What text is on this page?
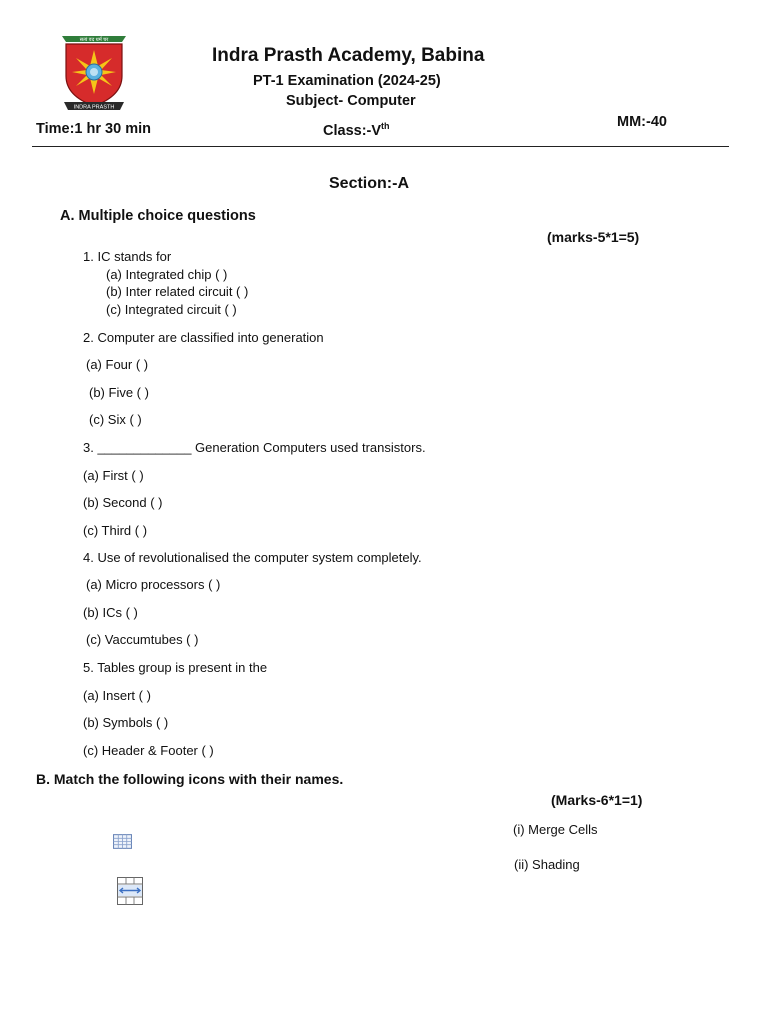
सत्यं वद धर्मं चर
INDRA PRASTH
Indra Prasth Academy, Babina
PT-1 Examination (2024-25)
Subject- Computer
Time:1 hr 30 min	Class:-Vth	MM:-40
Section:-A
A. Multiple choice questions
(marks-5*1=5)
1. IC stands for
(a) Integrated chip ( )
(b) Inter related circuit ( )
(c) Integrated circuit ( )
2. Computer are classified into generation
(a) Four ( )
(b) Five ( )
(c) Six ( )
3. _____________ Generation Computers used transistors.
(a) First ( )
(b) Second ( )
(c) Third ( )
4. Use of revolutionalised the computer system completely.
(a) Micro processors ( )
(b) ICs ( )
(c) Vaccumtubes ( )
5. Tables group is present in the
(a) Insert ( )
(b) Symbols ( )
(c) Header & Footer ( )
B. Match the following icons with their names.
(Marks-6*1=1)
(i) Merge Cells
(ii) Shading
